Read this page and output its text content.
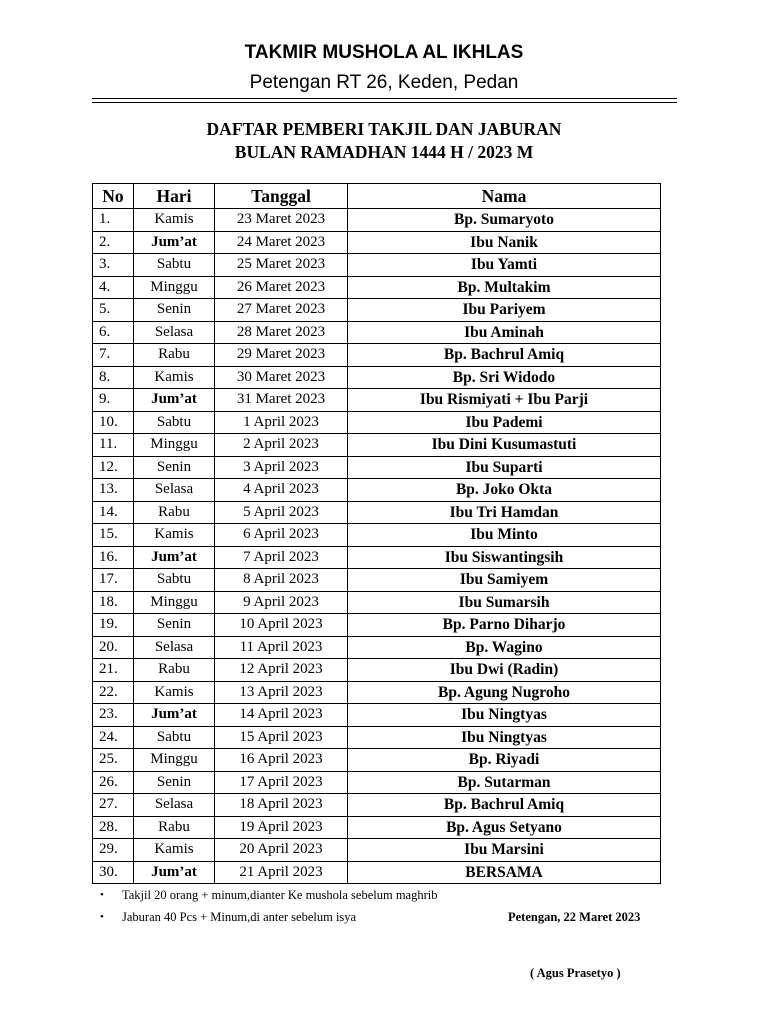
TAKMIR MUSHOLA AL IKHLAS
Petengan RT 26, Keden, Pedan
DAFTAR PEMBERI TAKJIL DAN JABURAN
BULAN RAMADHAN 1444 H / 2023 M
No	Hari	Tanggal	Nama
1.	Kamis	23 Maret 2023	Bp. Sumaryoto
2.	Jum’at	24 Maret 2023	Ibu Nanik
3.	Sabtu	25 Maret 2023	Ibu Yamti
4.	Minggu	26 Maret 2023	Bp. Multakim
5.	Senin	27 Maret 2023	Ibu Pariyem
6.	Selasa	28 Maret 2023	Ibu Aminah
7.	Rabu	29 Maret 2023	Bp. Bachrul Amiq
8.	Kamis	30 Maret 2023	Bp. Sri Widodo
9.	Jum’at	31 Maret 2023	Ibu Rismiyati + Ibu Parji
10.	Sabtu	1 April 2023	Ibu Pademi
11.	Minggu	2 April 2023	Ibu Dini Kusumastuti
12.	Senin	3 April 2023	Ibu Suparti
13.	Selasa	4 April 2023	Bp. Joko Okta
14.	Rabu	5 April 2023	Ibu Tri Hamdan
15.	Kamis	6 April 2023	Ibu Minto
16.	Jum’at	7 April 2023	Ibu Siswantingsih
17.	Sabtu	8 April 2023	Ibu Samiyem
18.	Minggu	9 April 2023	Ibu Sumarsih
19.	Senin	10 April 2023	Bp. Parno Diharjo
20.	Selasa	11 April 2023	Bp. Wagino
21.	Rabu	12 April 2023	Ibu Dwi (Radin)
22.	Kamis	13 April 2023	Bp. Agung Nugroho
23.	Jum’at	14 April 2023	Ibu Ningtyas
24.	Sabtu	15 April 2023	Ibu Ningtyas
25.	Minggu	16 April 2023	Bp. Riyadi
26.	Senin	17 April 2023	Bp. Sutarman
27.	Selasa	18 April 2023	Bp. Bachrul Amiq
28.	Rabu	19 April 2023	Bp. Agus Setyano
29.	Kamis	20 April 2023	Ibu Marsini
30.	Jum’at	21 April 2023	BERSAMA
• Takjil 20 orang + minum,dianter Ke mushola sebelum maghrib
• Jaburan 40 Pcs + Minum,di anter sebelum isya	Petengan, 22 Maret 2023
( Agus Prasetyo )
